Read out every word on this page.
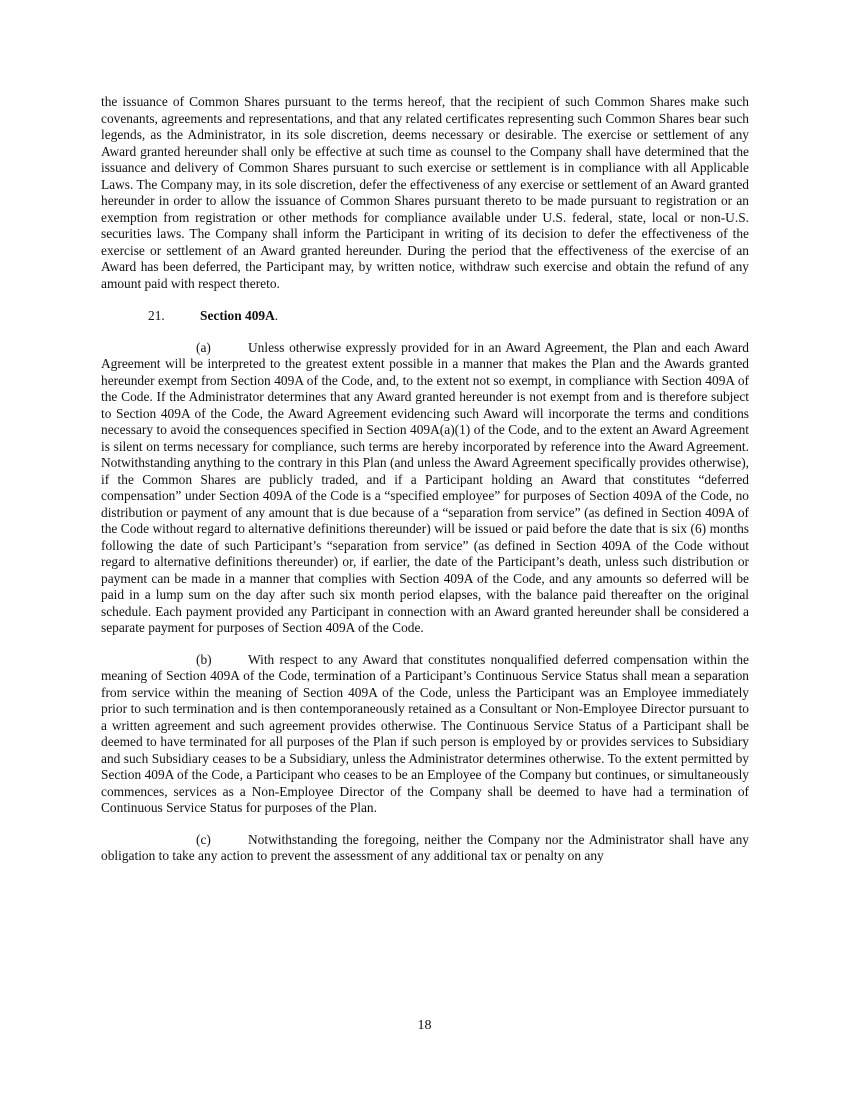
the issuance of Common Shares pursuant to the terms hereof, that the recipient of such Common Shares make such covenants, agreements and representations, and that any related certificates representing such Common Shares bear such legends, as the Administrator, in its sole discretion, deems necessary or desirable. The exercise or settlement of any Award granted hereunder shall only be effective at such time as counsel to the Company shall have determined that the issuance and delivery of Common Shares pursuant to such exercise or settlement is in compliance with all Applicable Laws. The Company may, in its sole discretion, defer the effectiveness of any exercise or settlement of an Award granted hereunder in order to allow the issuance of Common Shares pursuant thereto to be made pursuant to registration or an exemption from registration or other methods for compliance available under U.S. federal, state, local or non-U.S. securities laws. The Company shall inform the Participant in writing of its decision to defer the effectiveness of the exercise or settlement of an Award granted hereunder. During the period that the effectiveness of the exercise of an Award has been deferred, the Participant may, by written notice, withdraw such exercise and obtain the refund of any amount paid with respect thereto.

21.	Section 409A.

(a)	Unless otherwise expressly provided for in an Award Agreement, the Plan and each Award Agreement will be interpreted to the greatest extent possible in a manner that makes the Plan and the Awards granted hereunder exempt from Section 409A of the Code, and, to the extent not so exempt, in compliance with Section 409A of the Code. If the Administrator determines that any Award granted hereunder is not exempt from and is therefore subject to Section 409A of the Code, the Award Agreement evidencing such Award will incorporate the terms and conditions necessary to avoid the consequences specified in Section 409A(a)(1) of the Code, and to the extent an Award Agreement is silent on terms necessary for compliance, such terms are hereby incorporated by reference into the Award Agreement. Notwithstanding anything to the contrary in this Plan (and unless the Award Agreement specifically provides otherwise), if the Common Shares are publicly traded, and if a Participant holding an Award that constitutes “deferred compensation” under Section 409A of the Code is a “specified employee” for purposes of Section 409A of the Code, no distribution or payment of any amount that is due because of a “separation from service” (as defined in Section 409A of the Code without regard to alternative definitions thereunder) will be issued or paid before the date that is six (6) months following the date of such Participant’s “separation from service” (as defined in Section 409A of the Code without regard to alternative definitions thereunder) or, if earlier, the date of the Participant’s death, unless such distribution or payment can be made in a manner that complies with Section 409A of the Code, and any amounts so deferred will be paid in a lump sum on the day after such six month period elapses, with the balance paid thereafter on the original schedule. Each payment provided any Participant in connection with an Award granted hereunder shall be considered a separate payment for purposes of Section 409A of the Code.

(b)	With respect to any Award that constitutes nonqualified deferred compensation within the meaning of Section 409A of the Code, termination of a Participant’s Continuous Service Status shall mean a separation from service within the meaning of Section 409A of the Code, unless the Participant was an Employee immediately prior to such termination and is then contemporaneously retained as a Consultant or Non-Employee Director pursuant to a written agreement and such agreement provides otherwise. The Continuous Service Status of a Participant shall be deemed to have terminated for all purposes of the Plan if such person is employed by or provides services to Subsidiary and such Subsidiary ceases to be a Subsidiary, unless the Administrator determines otherwise. To the extent permitted by Section 409A of the Code, a Participant who ceases to be an Employee of the Company but continues, or simultaneously commences, services as a Non-Employee Director of the Company shall be deemed to have had a termination of Continuous Service Status for purposes of the Plan.

(c)	Notwithstanding the foregoing, neither the Company nor the Administrator shall have any obligation to take any action to prevent the assessment of any additional tax or penalty on any

18
